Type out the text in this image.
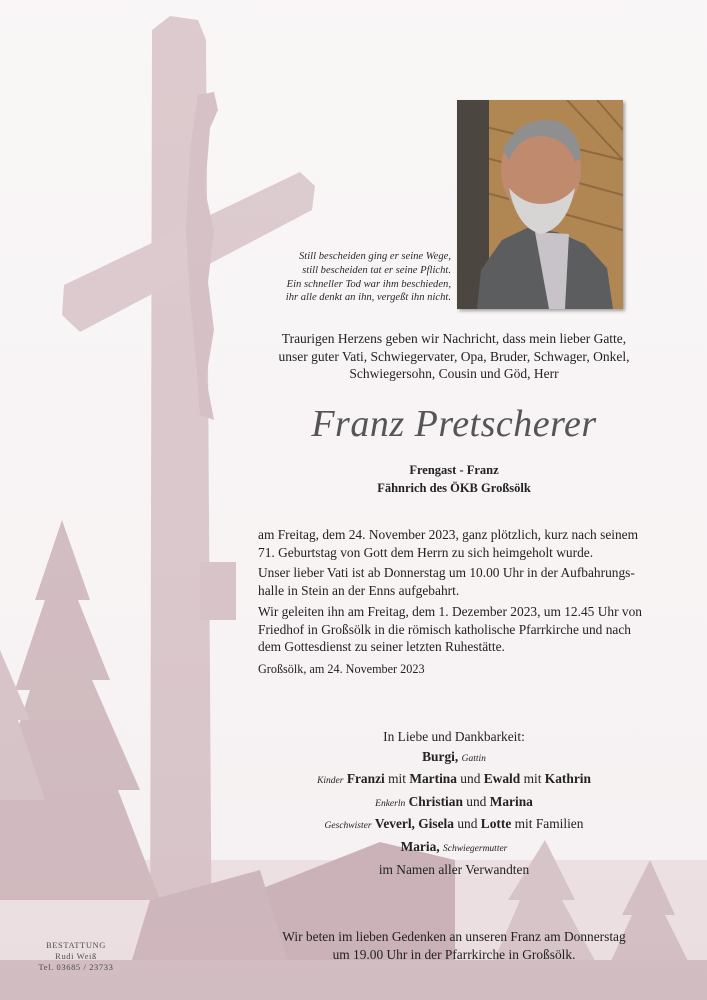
Still bescheiden ging er seine Wege,
still bescheiden tat er seine Pflicht.
Ein schneller Tod war ihm beschieden,
ihr alle denkt an ihn, vergeßt ihn nicht.
Traurigen Herzens geben wir Nachricht, dass mein lieber Gatte,
unser guter Vati, Schwiegervater, Opa, Bruder, Schwager, Onkel,
Schwiegersohn, Cousin und Göd, Herr
Franz Pretscherer
Frengast - Franz
Fähnrich des ÖKB Großsölk
am Freitag, dem 24. November 2023, ganz plötzlich, kurz nach seinem 71. Geburtstag von Gott dem Herrn zu sich heimgeholt wurde.
Unser lieber Vati ist ab Donnerstag um 10.00 Uhr in der Aufbahrungs-halle in Stein an der Enns aufgebahrt.
Wir geleiten ihn am Freitag, dem 1. Dezember 2023, um 12.45 Uhr von Friedhof in Großsölk in die römisch katholische Pfarrkirche und nach dem Gottesdienst zu seiner letzten Ruhestätte.
Großsölk, am 24. November 2023
In Liebe und Dankbarkeit:
Burgi, Gattin
Kinder Franzi mit Martina und Ewald mit Kathrin
Enkerln Christian und Marina
Geschwister Veverl, Gisela und Lotte mit Familien
Maria, Schwiegermutter
im Namen aller Verwandten
Wir beten im lieben Gedenken an unseren Franz am Donnerstag
um 19.00 Uhr in der Pfarrkirche in Großsölk.
BESTATTUNG
Rudi Weiß
Tel. 03685 / 23733
